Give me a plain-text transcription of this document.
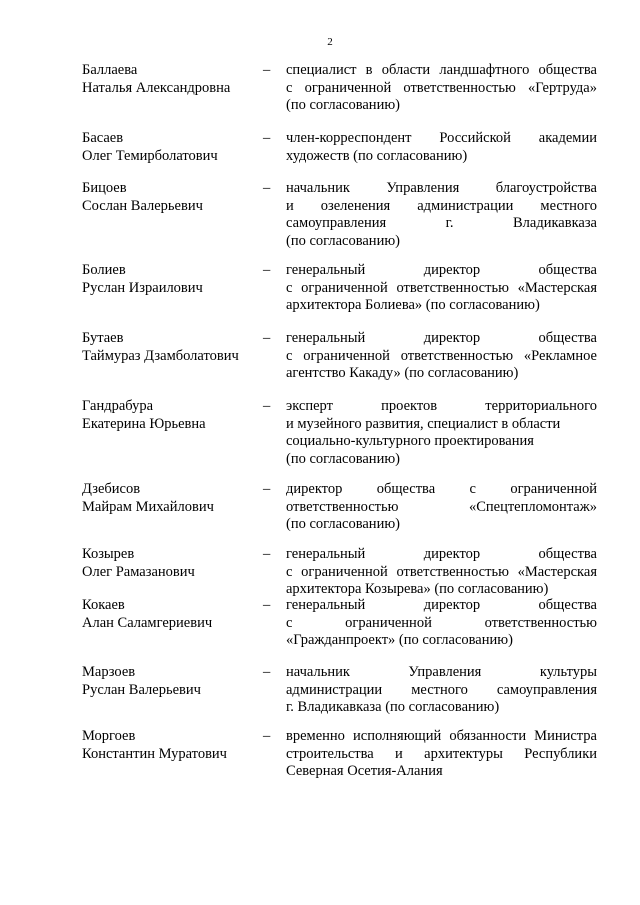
2
Баллаева
Наталья Александровна
– специалист в области ландшафтного общества
с ограниченной ответственностью «Гертруда»
(по согласованию)
Басаев
Олег Темирболатович
– член-корреспондент Российской академии
художеств (по согласованию)
Бицоев
Сослан Валерьевич
– начальник Управления благоустройства
и озеленения администрации местного
самоуправления г. Владикавказа
(по согласованию)
Болиев
Руслан Израилович
– генеральный директор общества
с ограниченной ответственностью «Мастерская
архитектора Болиева» (по согласованию)
Бутаев
Таймураз Дзамболатович
– генеральный директор общества
с ограниченной ответственностью «Рекламное
агентство Какаду» (по согласованию)
Гандрабура
Екатерина Юрьевна
– эксперт проектов территориального
и музейного развития, специалист в области
социально-культурного проектирования
(по согласованию)
Дзебисов
Майрам Михайлович
– директор общества с ограниченной
ответственностью «Спецтепломонтаж»
(по согласованию)
Козырев
Олег Рамазанович
– генеральный директор общества
с ограниченной ответственностью «Мастерская
архитектора Козырева» (по согласованию)
Кокаев
Алан Саламгериевич
– генеральный директор общества
с ограниченной ответственностью
«Гражданпроект» (по согласованию)
Марзоев
Руслан Валерьевич
– начальник Управления культуры
администрации местного самоуправления
г. Владикавказа (по согласованию)
Моргоев
Константин Муратович
– временно исполняющий обязанности Министра
строительства и архитектуры Республики
Северная Осетия-Алания
